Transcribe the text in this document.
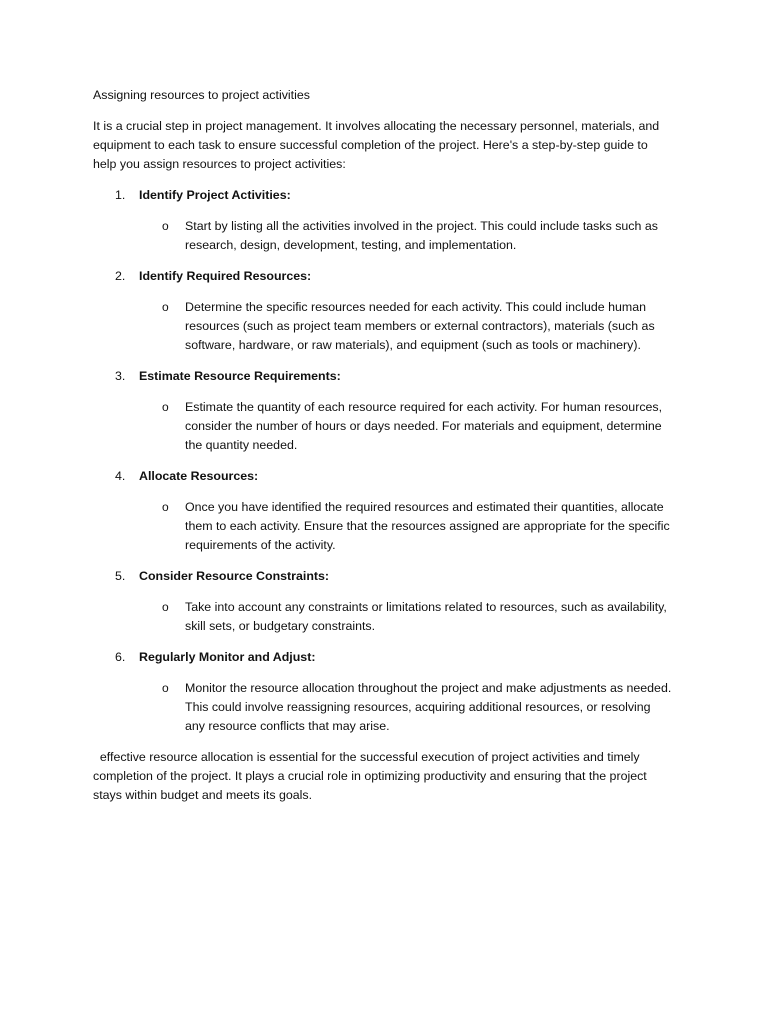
Assigning resources to project activities

It is a crucial step in project management. It involves allocating the necessary personnel, materials, and equipment to each task to ensure successful completion of the project. Here's a step-by-step guide to help you assign resources to project activities:

1. Identify Project Activities:
o Start by listing all the activities involved in the project. This could include tasks such as research, design, development, testing, and implementation.
2. Identify Required Resources:
o Determine the specific resources needed for each activity. This could include human resources (such as project team members or external contractors), materials (such as software, hardware, or raw materials), and equipment (such as tools or machinery).
3. Estimate Resource Requirements:
o Estimate the quantity of each resource required for each activity. For human resources, consider the number of hours or days needed. For materials and equipment, determine the quantity needed.
4. Allocate Resources:
o Once you have identified the required resources and estimated their quantities, allocate them to each activity. Ensure that the resources assigned are appropriate for the specific requirements of the activity.
5. Consider Resource Constraints:
o Take into account any constraints or limitations related to resources, such as availability, skill sets, or budgetary constraints.
6. Regularly Monitor and Adjust:
o Monitor the resource allocation throughout the project and make adjustments as needed. This could involve reassigning resources, acquiring additional resources, or resolving any resource conflicts that may arise.

effective resource allocation is essential for the successful execution of project activities and timely completion of the project. It plays a crucial role in optimizing productivity and ensuring that the project stays within budget and meets its goals.
